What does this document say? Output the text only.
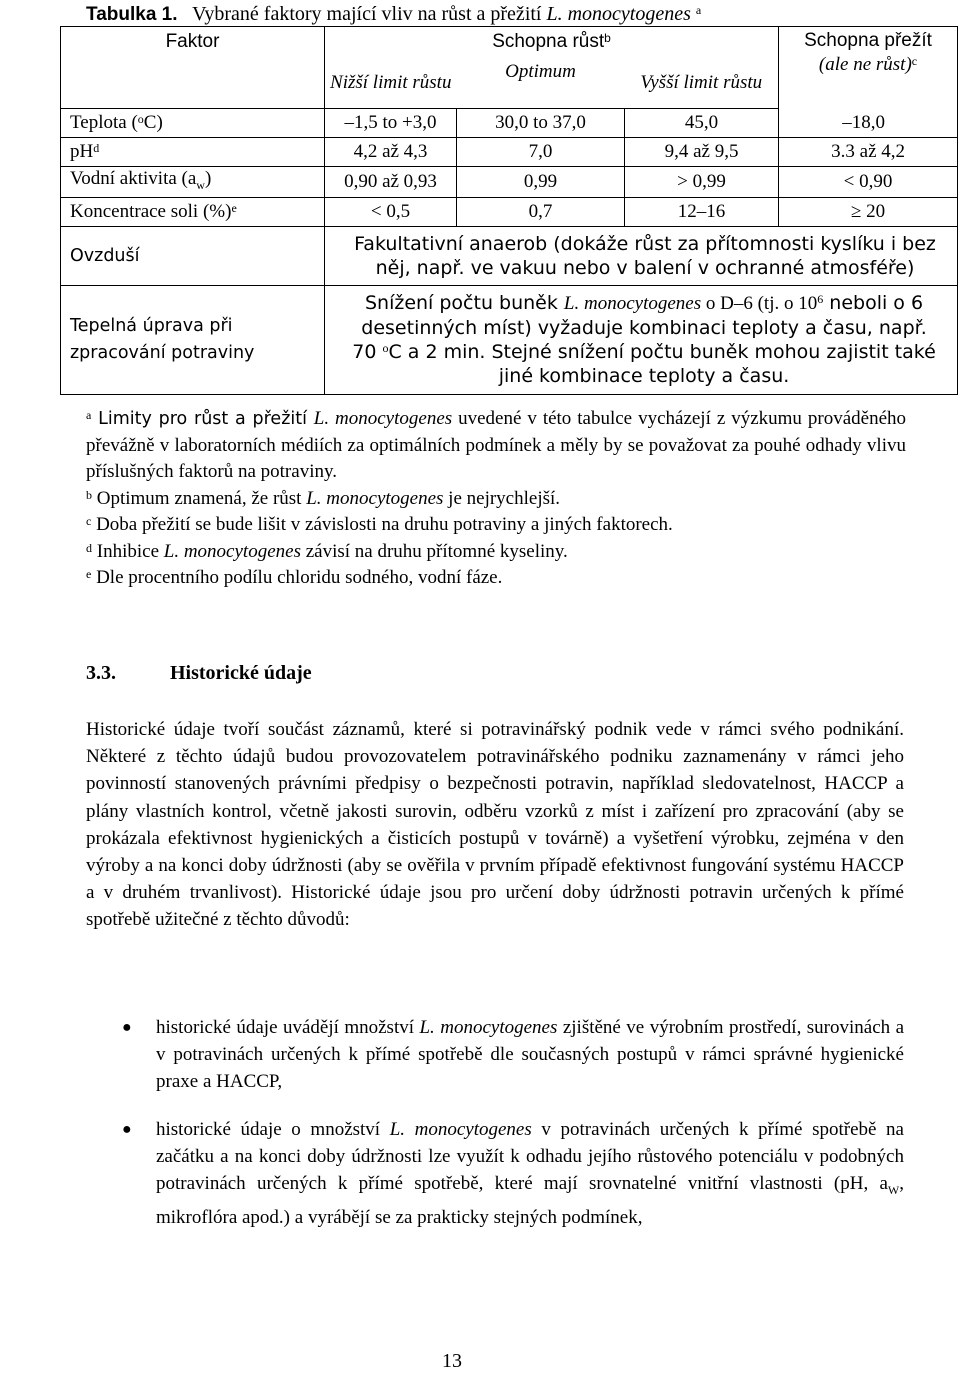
Tabulka 1. Vybrané faktory mající vliv na růst a přežití L. monocytogenes $^a$
Faktor	Schopna růst$^b$			Schopna přežít
(ale ne růst)$^c$

	Nižší limit růstu	Optimum	Vyšší limit růstu	
Teplota ($^o$C)	–1,5 to +3,0	30,0 to 37,0	45,0	–18,0
$pH^d$	4,2 až 4,3	7,0	9,4 až 9,5	3.3 až 4,2
Vodní aktivita $(a_w)$	0,90 až 0,93	0,99	> 0,99	< 0,90
Koncentrace soli (%)$^e$	< 0,5	0,7	12–16	≥ 20
Ovzduší	Fakultativní anaerob (dokáže růst za přítomnosti kyslíku i bez něj, např. ve vakuu nebo v balení v ochranné atmosféře)			
Tepelná úprava při zpracování potraviny	Snížení počtu buněk L. monocytogenes o D–6 (tj. o $10^6$ neboli o 6 desetinných míst) vyžaduje kombinaci teploty a času, např. 70 $^o$C a 2 min. Stejné snížení počtu buněk mohou zajistit také jiné kombinace teploty a času.			

$^a$ Limity pro růst a přežití L. monocytogenes uvedené v této tabulce vycházejí z výzkumu prováděného převážně v laboratorních médiích za optimálních podmínek a měly by se považovat za pouhé odhady vlivu příslušných faktorů na potraviny.

$^b$ Optimum znamená, že růst L. monocytogenes je nejrychlejší.

$^c$ Doba přežití se bude lišit v závislosti na druhu potraviny a jiných faktorech.

$^d$ Inhibice L. monocytogenes závisí na druhu přítomné kyseliny.

$^e$ Dle procentního podílu chloridu sodného, vodní fáze.

3.3.	Historické údaje

Historické údaje tvoří součást záznamů, které si potravinářský podnik vede v rámci svého podnikání. Některé z těchto údajů budou provozovatelem potravinářského podniku zaznamenány v rámci jeho povinností stanovených právními předpisy o bezpečnosti potravin, například sledovatelnost, HACCP a plány vlastních kontrol, včetně jakosti surovin, odběru vzorků z míst i zařízení pro zpracování (aby se prokázala efektivnost hygienických a čisticích postupů v továrně) a vyšetření výrobku, zejména v den výroby a na konci doby údržnosti (aby se ověřila v prvním případě efektivnost fungování systému HACCP a v druhém trvanlivost). Historické údaje jsou pro určení doby údržnosti potravin určených k přímé spotřebě užitečné z těchto důvodů:

● historické údaje uvádějí množství L. monocytogenes zjištěné ve výrobním prostředí, surovinách a v potravinách určených k přímé spotřebě dle současných postupů v rámci správné hygienické praxe a HACCP,
● historické údaje o množství L. monocytogenes v potravinách určených k přímé spotřebě na začátku a na konci doby údržnosti lze využít k odhadu jejího růstového potenciálu v podobných potravinách určených k přímé spotřebě, které mají srovnatelné vnitřní vlastnosti (pH, $a_W$, mikroflóra apod.) a vyrábějí se za prakticky stejných podmínek,
13
